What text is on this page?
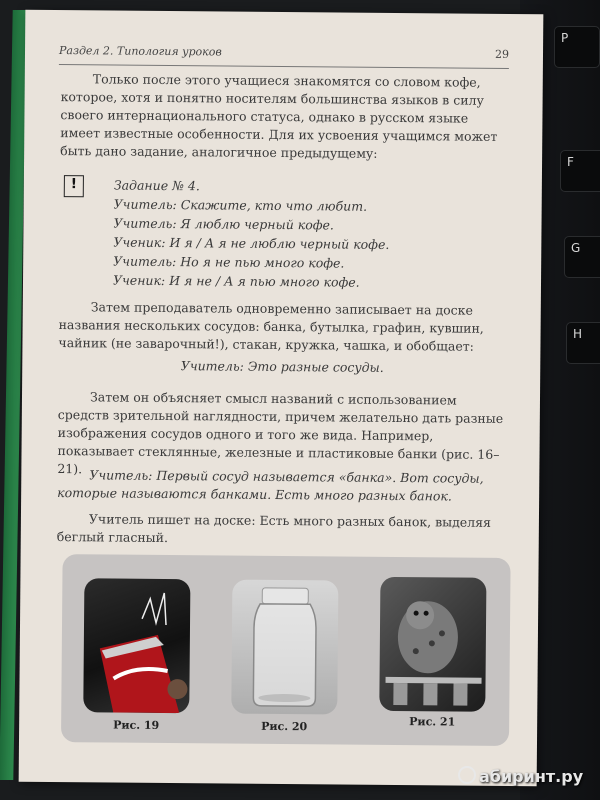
P
F
G
H
Раздел 2. Типология уроков	29
Только после этого учащиеся знакомятся со словом кофе, которое, хотя и понятно носителям большинства языков в силу своего интернационального статуса, однако в русском языке имеет известные особенности. Для их усвоения учащимся может быть дано задание, аналогичное предыдущему:
!	Задание № 4.
Учитель: Скажите, кто что любит.
Учитель: Я люблю черный кофе.
Ученик: И я / А я не люблю черный кофе.
Учитель: Но я не пью много кофе.
Ученик: И я не / А я пью много кофе.
Затем преподаватель одновременно записывает на доске названия нескольких сосудов: банка, бутылка, графин, кувшин, чайник (не заварочный!), стакан, кружка, чашка, и обобщает:
Учитель: Это разные сосуды.
Затем он объясняет смысл названий с использованием средств зрительной наглядности, причем желательно дать разные изображения сосудов одного и того же вида. Например, показывает стеклянные, железные и пластиковые банки (рис. 16–21). Учитель: Первый сосуд называется «банка». Вот сосуды, которые называются банками. Есть много разных банок.
Учитель пишет на доске: Есть много разных банок, выделяя беглый гласный.
Рис. 19	Рис. 20	Рис. 21
абиринт.ру
